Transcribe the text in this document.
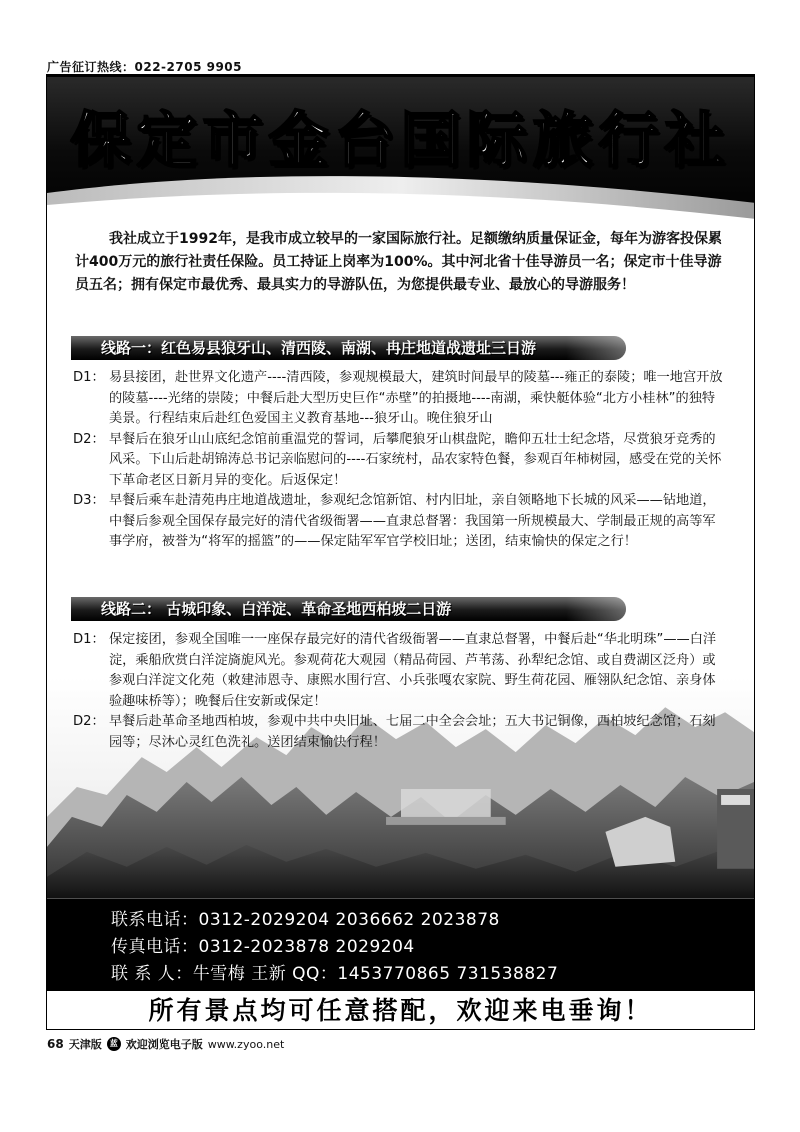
广告征订热线：022-2705 9905
保定市金台国际旅行社
我社成立于1992年，是我市成立较早的一家国际旅行社。足额缴纳质量保证金，每年为游客投保累计400万元的旅行社责任保险。员工持证上岗率为100%。其中河北省十佳导游员一名；保定市十佳导游员五名；拥有保定市最优秀、最具实力的导游队伍，为您提供最专业、最放心的导游服务！
线路一：红色易县狼牙山、清西陵、南湖、冉庄地道战遗址三日游
D1： 易县接团，赴世界文化遗产----清西陵，参观规模最大，建筑时间最早的陵墓---雍正的泰陵；唯一地宫开放的陵墓----光绪的崇陵；中餐后赴大型历史巨作“赤壁”的拍摄地----南湖，乘快艇体验“北方小桂林”的独特美景。行程结束后赴红色爱国主义教育基地---狼牙山。晚住狼牙山
D2： 早餐后在狼牙山山底纪念馆前重温党的誓词，后攀爬狼牙山棋盘陀，瞻仰五壮士纪念塔，尽赏狼牙竞秀的风采。下山后赴胡锦涛总书记亲临慰问的----石家统村，品农家特色餐，参观百年柿树园，感受在党的关怀下革命老区日新月异的变化。后返保定！
D3： 早餐后乘车赴清苑冉庄地道战遗址，参观纪念馆新馆、村内旧址，亲自领略地下长城的风采——钻地道，中餐后参观全国保存最完好的清代省级衙署——直隶总督署：我国第一所规模最大、学制最正规的高等军事学府，被誉为“将军的摇篮”的——保定陆军军官学校旧址；送团，结束愉快的保定之行！
线路二： 古城印象、白洋淀、革命圣地西柏坡二日游
D1： 保定接团，参观全国唯一一座保存最完好的清代省级衙署——直隶总督署，中餐后赴“华北明珠”——白洋淀，乘船欣赏白洋淀旖旎风光。参观荷花大观园（精品荷园、芦苇荡、孙犁纪念馆、或自费湖区泛舟）或参观白洋淀文化苑（敕建沛恩寺、康熙水围行宫、小兵张嘎农家院、野生荷花园、雁翎队纪念馆、亲身体验趣味桥等）；晚餐后住安新或保定！
D2： 早餐后赴革命圣地西柏坡，参观中共中央旧址、七届二中全会会址；五大书记铜像，西柏坡纪念馆；石刻园等；尽沐心灵红色洗礼。送团结束愉快行程！
联系电话：0312-2029204 2036662 2023878
传真电话：0312-2023878 2029204
联 系 人：牛雪梅 王新 QQ：1453770865 731538827
所有景点均可任意搭配，欢迎来电垂询！
68 天津版	蓝 欢迎浏览电子版 www.zyoo.net
